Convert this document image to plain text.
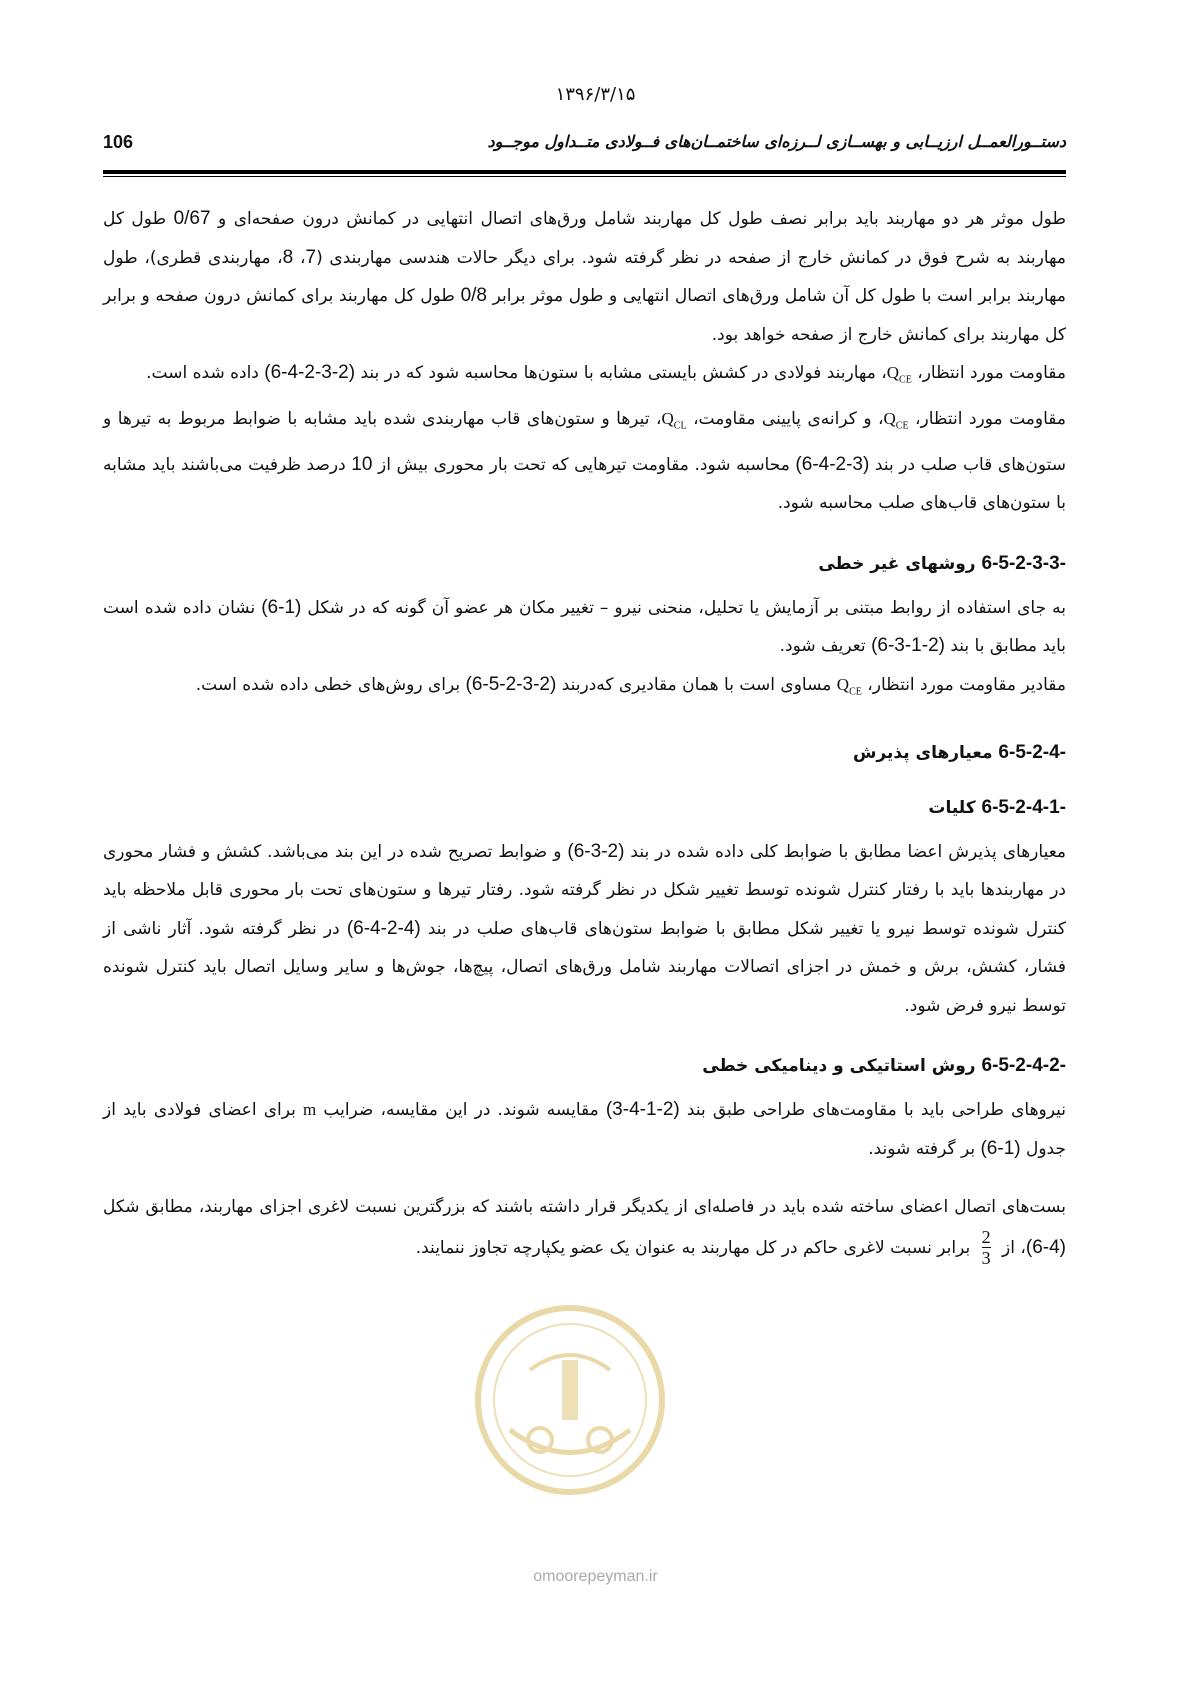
۱۳۹۶/۳/۱۵
106	دستــورالعمــل ارزیــابی و بهســازی لــرزه‌ای ساختمــان‌های فــولادی متــداول موجــود

طول موثر هر دو مهاربند باید برابر نصف طول کل مهاربند شامل ورق‌های اتصال انتهایی در کمانش درون صفحه‌ای و 0/67 طول کل مهاربند به شرح فوق در کمانش خارج از صفحه در نظر گرفته شود. برای دیگر حالات هندسی مهاربندی (7، 8، مهاربندی قطری)، طول مهاربند برابر است با طول کل آن شامل ورق‌های اتصال انتهایی و طول موثر برابر 0/8 طول کل مهاربند برای کمانش درون صفحه و برابر کل مهاربند برای کمانش خارج از صفحه خواهد بود.

مقاومت مورد انتظار، $Q_{CE}،$ مهاربند فولادی در کشش بایستی مشابه با ستون‌ها محاسبه شود که در بند (6-4-2-3-2) داده شده است.

مقاومت مورد انتظار، $Q_{CE}،$ و کرانه‌ی پایینی مقاومت، $Q_{CL}،$ تیرها و ستون‌های قاب مهاربندی شده باید مشابه با ضوابط مربوط به تیرها و ستون‌های قاب صلب در بند (6-4-2-3) محاسبه شود. مقاومت تیرهایی که تحت بار محوری بیش از 10 درصد ظرفیت می‌باشند باید مشابه با ستون‌های قاب‌های صلب محاسبه شود.

6-5-2-3-3- روشهای غیر خطی

به جای استفاده از روابط مبتنی بر آزمایش یا تحلیل، منحنی نیرو – تغییر مکان هر عضو آن گونه که در شکل (6-1) نشان داده شده است باید مطابق با بند (6-3-1-2) تعریف شود.

مقادیر مقاومت مورد انتظار، $Q_{CE}$ مساوی است با همان مقادیری که‌دربند (6-5-2-3-2) برای روش‌های خطی داده شده است.

6-5-2-4- معیارهای پذیرش
6-5-2-4-1- کلیات

معیارهای پذیرش اعضا مطابق با ضوابط کلی داده شده در بند (6-3-2) و ضوابط تصریح شده در این بند می‌باشد. کشش و فشار محوری در مهاربندها باید با رفتار کنترل شونده توسط تغییر شکل در نظر گرفته شود. رفتار تیرها و ستون‌های تحت بار محوری قابل ملاحظه باید کنترل شونده توسط نیرو یا تغییر شکل مطابق با ضوابط ستون‌های قاب‌های صلب در بند (6-4-2-4) در نظر گرفته شود. آثار ناشی از فشار، کشش، برش و خمش در اجزای اتصالات مهاربند شامل ورق‌های اتصال، پیچ‌ها، جوش‌ها و سایر وسایل اتصال باید کنترل شونده توسط نیرو فرض شود.

6-5-2-4-2- روش استاتیکی و دینامیکی خطی

نیروهای طراحی باید با مقاومت‌های طراحی طبق بند (3-4-1-2) مقایسه شوند. در این مقایسه، ضرایب m برای اعضای فولادی باید از جدول (6-1) بر گرفته شوند.

بست‌های اتصال اعضای ساخته شده باید در فاصله‌ای از یکدیگر قرار داشته باشند که بزرگترین نسبت لاغری اجزای مهاربند، مطابق شکل (6-4)، از
$\frac{2}{3}$
برابر نسبت لاغری حاکم در کل مهاربند به عنوان یک عضو یکپارچه تجاوز ننمایند.

omoorepeyman.ir
